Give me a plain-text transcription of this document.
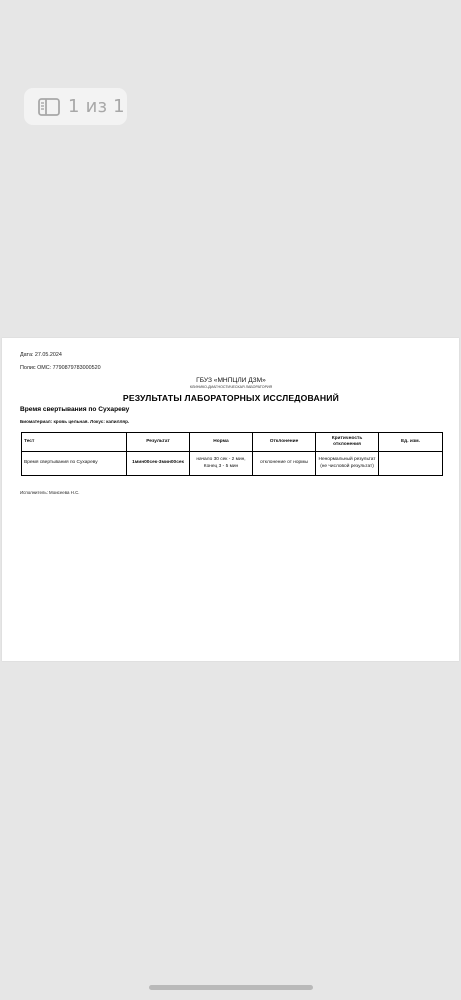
1 из 1
Дата: 27.05.2024
Полис ОМС: 7790879783000520
ГБУЗ «МНПЦЛИ ДЗМ»
КЛИНИКО-ДИАГНОСТИЧЕСКАЯ ЛАБОРАТОРИЯ
РЕЗУЛЬТАТЫ ЛАБОРАТОРНЫХ ИССЛЕДОВАНИЙ
Время свертывания по Сухареву
Биоматериал: кровь цельная. Локус: капилляр.
Тест	Результат	Норма	Отклонение	Критичность отклонения	Ед. изм.
Время свертывания по Сухареву	1мин00сек-3мин00сек	начало 30 сек - 2 мин, Конец 3 - 5 мин	отклонение от нормы	Ненормальный результат (не числовой результат)	
Исполнитель: Моисеева Н.С.
